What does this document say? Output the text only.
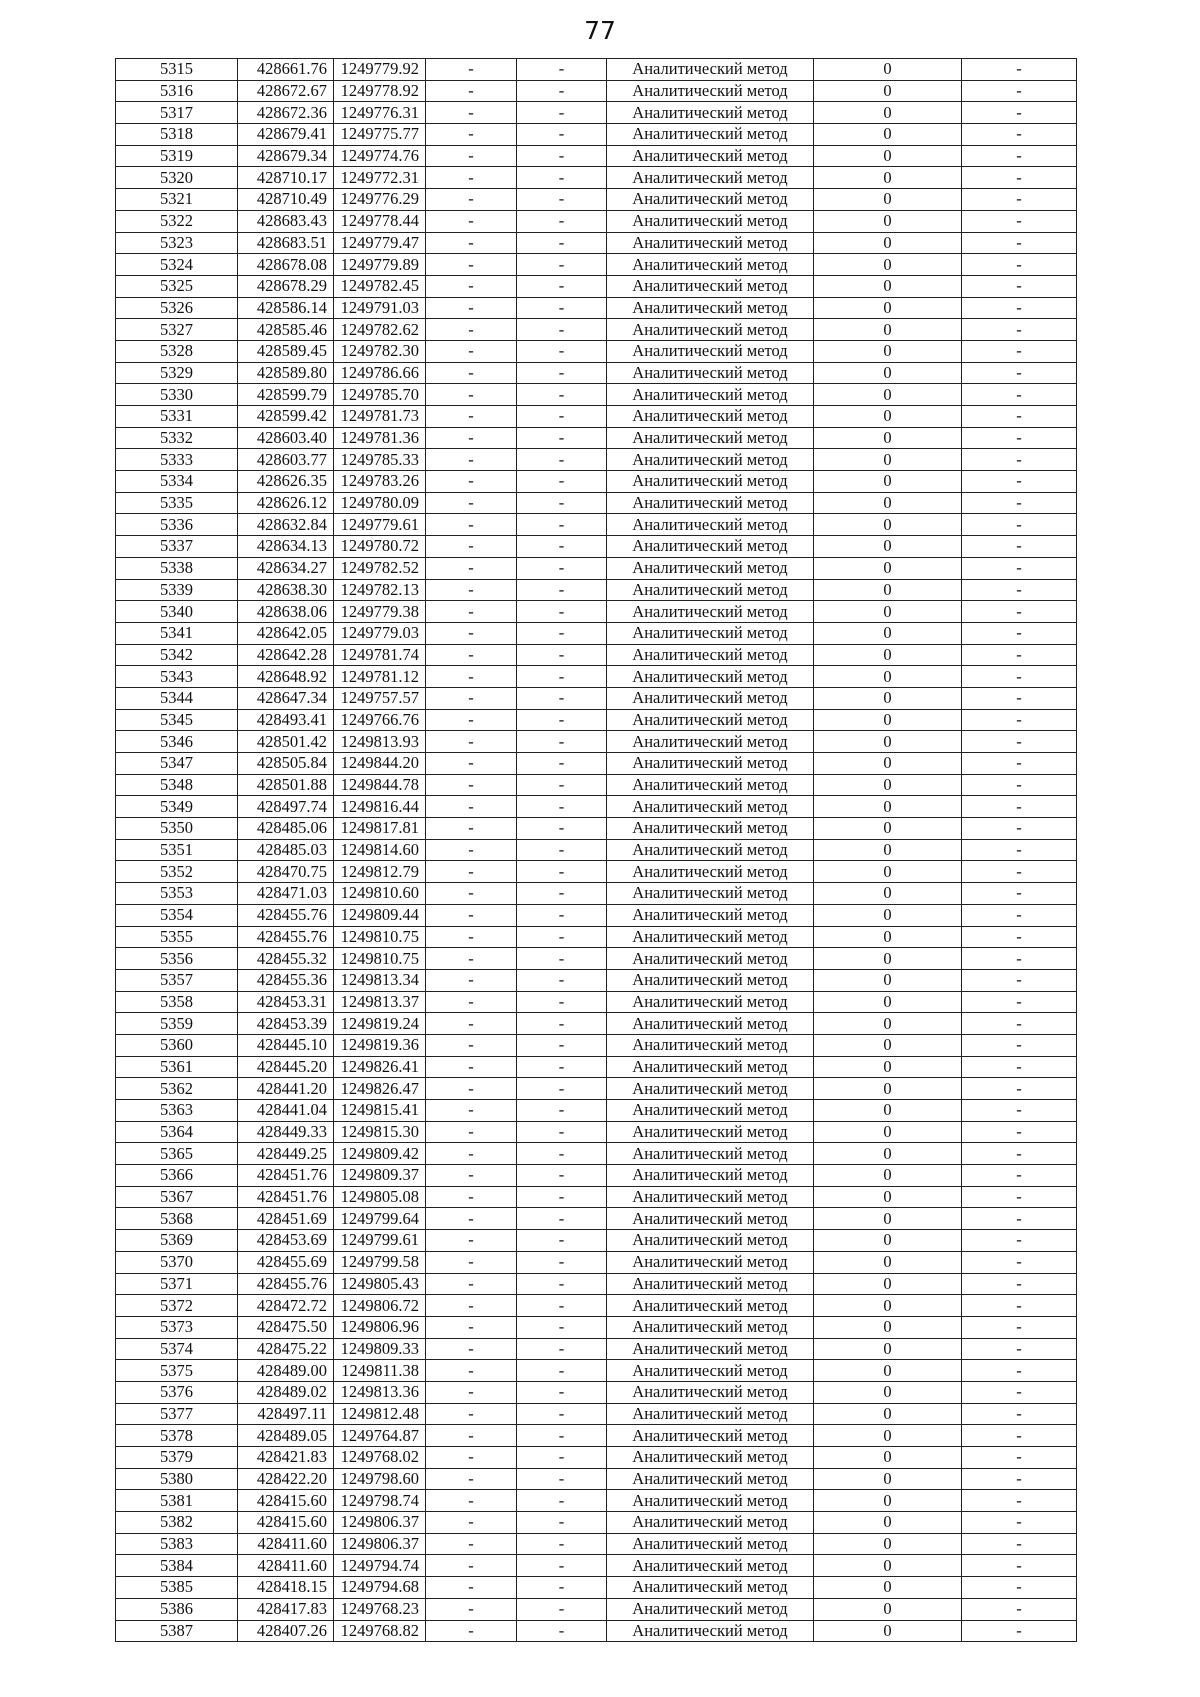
77
5315	428661.76	1249779.92	-	-	Аналитический метод	0	-
5316	428672.67	1249778.92	-	-	Аналитический метод	0	-
5317	428672.36	1249776.31	-	-	Аналитический метод	0	-
5318	428679.41	1249775.77	-	-	Аналитический метод	0	-
5319	428679.34	1249774.76	-	-	Аналитический метод	0	-
5320	428710.17	1249772.31	-	-	Аналитический метод	0	-
5321	428710.49	1249776.29	-	-	Аналитический метод	0	-
5322	428683.43	1249778.44	-	-	Аналитический метод	0	-
5323	428683.51	1249779.47	-	-	Аналитический метод	0	-
5324	428678.08	1249779.89	-	-	Аналитический метод	0	-
5325	428678.29	1249782.45	-	-	Аналитический метод	0	-
5326	428586.14	1249791.03	-	-	Аналитический метод	0	-
5327	428585.46	1249782.62	-	-	Аналитический метод	0	-
5328	428589.45	1249782.30	-	-	Аналитический метод	0	-
5329	428589.80	1249786.66	-	-	Аналитический метод	0	-
5330	428599.79	1249785.70	-	-	Аналитический метод	0	-
5331	428599.42	1249781.73	-	-	Аналитический метод	0	-
5332	428603.40	1249781.36	-	-	Аналитический метод	0	-
5333	428603.77	1249785.33	-	-	Аналитический метод	0	-
5334	428626.35	1249783.26	-	-	Аналитический метод	0	-
5335	428626.12	1249780.09	-	-	Аналитический метод	0	-
5336	428632.84	1249779.61	-	-	Аналитический метод	0	-
5337	428634.13	1249780.72	-	-	Аналитический метод	0	-
5338	428634.27	1249782.52	-	-	Аналитический метод	0	-
5339	428638.30	1249782.13	-	-	Аналитический метод	0	-
5340	428638.06	1249779.38	-	-	Аналитический метод	0	-
5341	428642.05	1249779.03	-	-	Аналитический метод	0	-
5342	428642.28	1249781.74	-	-	Аналитический метод	0	-
5343	428648.92	1249781.12	-	-	Аналитический метод	0	-
5344	428647.34	1249757.57	-	-	Аналитический метод	0	-
5345	428493.41	1249766.76	-	-	Аналитический метод	0	-
5346	428501.42	1249813.93	-	-	Аналитический метод	0	-
5347	428505.84	1249844.20	-	-	Аналитический метод	0	-
5348	428501.88	1249844.78	-	-	Аналитический метод	0	-
5349	428497.74	1249816.44	-	-	Аналитический метод	0	-
5350	428485.06	1249817.81	-	-	Аналитический метод	0	-
5351	428485.03	1249814.60	-	-	Аналитический метод	0	-
5352	428470.75	1249812.79	-	-	Аналитический метод	0	-
5353	428471.03	1249810.60	-	-	Аналитический метод	0	-
5354	428455.76	1249809.44	-	-	Аналитический метод	0	-
5355	428455.76	1249810.75	-	-	Аналитический метод	0	-
5356	428455.32	1249810.75	-	-	Аналитический метод	0	-
5357	428455.36	1249813.34	-	-	Аналитический метод	0	-
5358	428453.31	1249813.37	-	-	Аналитический метод	0	-
5359	428453.39	1249819.24	-	-	Аналитический метод	0	-
5360	428445.10	1249819.36	-	-	Аналитический метод	0	-
5361	428445.20	1249826.41	-	-	Аналитический метод	0	-
5362	428441.20	1249826.47	-	-	Аналитический метод	0	-
5363	428441.04	1249815.41	-	-	Аналитический метод	0	-
5364	428449.33	1249815.30	-	-	Аналитический метод	0	-
5365	428449.25	1249809.42	-	-	Аналитический метод	0	-
5366	428451.76	1249809.37	-	-	Аналитический метод	0	-
5367	428451.76	1249805.08	-	-	Аналитический метод	0	-
5368	428451.69	1249799.64	-	-	Аналитический метод	0	-
5369	428453.69	1249799.61	-	-	Аналитический метод	0	-
5370	428455.69	1249799.58	-	-	Аналитический метод	0	-
5371	428455.76	1249805.43	-	-	Аналитический метод	0	-
5372	428472.72	1249806.72	-	-	Аналитический метод	0	-
5373	428475.50	1249806.96	-	-	Аналитический метод	0	-
5374	428475.22	1249809.33	-	-	Аналитический метод	0	-
5375	428489.00	1249811.38	-	-	Аналитический метод	0	-
5376	428489.02	1249813.36	-	-	Аналитический метод	0	-
5377	428497.11	1249812.48	-	-	Аналитический метод	0	-
5378	428489.05	1249764.87	-	-	Аналитический метод	0	-
5379	428421.83	1249768.02	-	-	Аналитический метод	0	-
5380	428422.20	1249798.60	-	-	Аналитический метод	0	-
5381	428415.60	1249798.74	-	-	Аналитический метод	0	-
5382	428415.60	1249806.37	-	-	Аналитический метод	0	-
5383	428411.60	1249806.37	-	-	Аналитический метод	0	-
5384	428411.60	1249794.74	-	-	Аналитический метод	0	-
5385	428418.15	1249794.68	-	-	Аналитический метод	0	-
5386	428417.83	1249768.23	-	-	Аналитический метод	0	-
5387	428407.26	1249768.82	-	-	Аналитический метод	0	-
